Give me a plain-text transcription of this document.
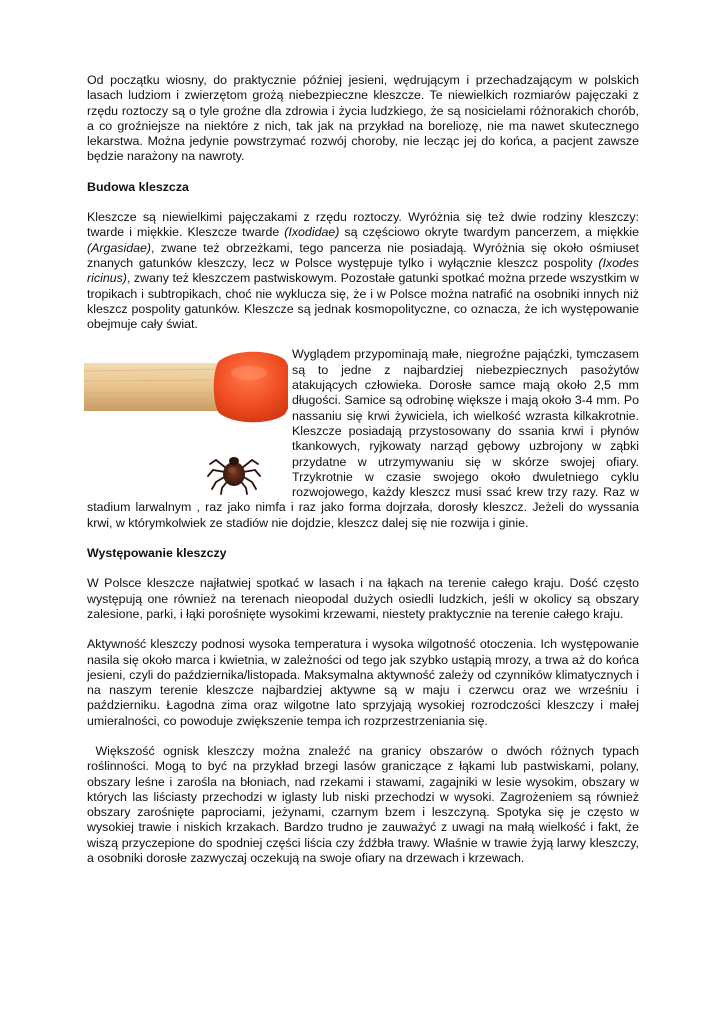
Od początku wiosny, do praktycznie później jesieni, wędrującym i przechadzającym w polskich lasach ludziom i zwierzętom grożą niebezpieczne kleszcze. Te niewielkich rozmiarów pajęczaki z rzędu roztoczy są o tyle groźne dla zdrowia i życia ludzkiego, że są nosicielami różnorakich chorób, a co groźniejsze na niektóre z nich, tak jak na przykład na boreliozę, nie ma nawet skutecznego lekarstwa. Można jedynie powstrzymać rozwój choroby, nie lecząc jej do końca, a pacjent zawsze będzie narażony na nawroty.

Budowa kleszcza

Kleszcze są niewielkimi pajęczakami z rzędu roztoczy. Wyróżnia się też dwie rodziny kleszczy: twarde i miękkie. Kleszcze twarde (Ixodidae) są częściowo okryte twardym pancerzem, a miękkie (Argasidae), zwane też obrzeżkami, tego pancerza nie posiadają. Wyróżnia się około ośmiuset znanych gatunków kleszczy, lecz w Polsce występuje tylko i wyłącznie kleszcz pospolity (Ixodes ricinus), zwany też kleszczem pastwiskowym. Pozostałe gatunki spotkać można przede wszystkim w tropikach i subtropikach, choć nie wyklucza się, że i w Polsce można natrafić na osobniki innych niż kleszcz pospolity gatunków. Kleszcze są jednak kosmopolityczne, co oznacza, że ich występowanie obejmuje cały świat.

Wyglądem przypominają małe, niegroźne pająćzki, tymczasem są to jedne z najbardziej niebezpiecznych pasożytów atakujących człowieka. Dorosłe samce mają około 2,5 mm długości. Samice są odrobinę większe i mają około 3-4 mm. Po nassaniu się krwi żywiciela, ich wielkość wzrasta kilkakrotnie. Kleszcze posiadają przystosowany do ssania krwi i płynów tkankowych, ryjkowaty narząd gębowy uzbrojony w ząbki przydatne w utrzymywaniu się w skórze swojej ofiary. Trzykrotnie w czasie swojego około dwuletniego cyklu rozwojowego, każdy kleszcz musi ssać krew trzy razy. Raz w stadium larwalnym , raz jako nimfa i raz jako forma dojrzała, dorosły kleszcz. Jeżeli do wyssania krwi, w którymkolwiek ze stadiów nie dojdzie, kleszcz dalej się nie rozwija i ginie.

Występowanie kleszczy

W Polsce kleszcze najłatwiej spotkać w lasach i na łąkach na terenie całego kraju. Dość często występują one również na terenach nieopodal dużych osiedli ludzkich, jeśli w okolicy są obszary zalesione, parki, i łąki porośnięte wysokimi krzewami, niestety praktycznie na terenie całego kraju.

Aktywność kleszczy podnosi wysoka temperatura i wysoka wilgotność otoczenia. Ich występowanie nasila się około marca i kwietnia, w zależności od tego jak szybko ustąpią mrozy, a trwa aż do końca jesieni, czyli do października/listopada. Maksymalna aktywność zależy od czynników klimatycznych i na naszym terenie kleszcze najbardziej aktywne są w maju i czerwcu oraz we wrześniu i październiku. Łagodna zima oraz wilgotne lato sprzyjają wysokiej rozrodczości kleszczy i małej umieralności, co powoduje zwiększenie tempa ich rozprzestrzeniania się.

Większość ognisk kleszczy można znaleźć na granicy obszarów o dwóch różnych typach roślinności. Mogą to być na przykład brzegi lasów graniczące z łąkami lub pastwiskami, polany, obszary leśne i zarośla na błoniach, nad rzekami i stawami, zagajniki w lesie wysokim, obszary w których las liściasty przechodzi w iglasty lub niski przechodzi w wysoki. Zagrożeniem są również obszary zarośnięte paprociami, jeżynami, czarnym bzem i leszczyną. Spotyka się je często w wysokiej trawie i niskich krzakach. Bardzo trudno je zauważyć z uwagi na małą wielkość i fakt, że wiszą przyczepione do spodniej części liścia czy źdźbła trawy. Właśnie w trawie żyją larwy kleszczy, a osobniki dorosłe zazwyczaj oczekują na swoje ofiary na drzewach i krzewach.
